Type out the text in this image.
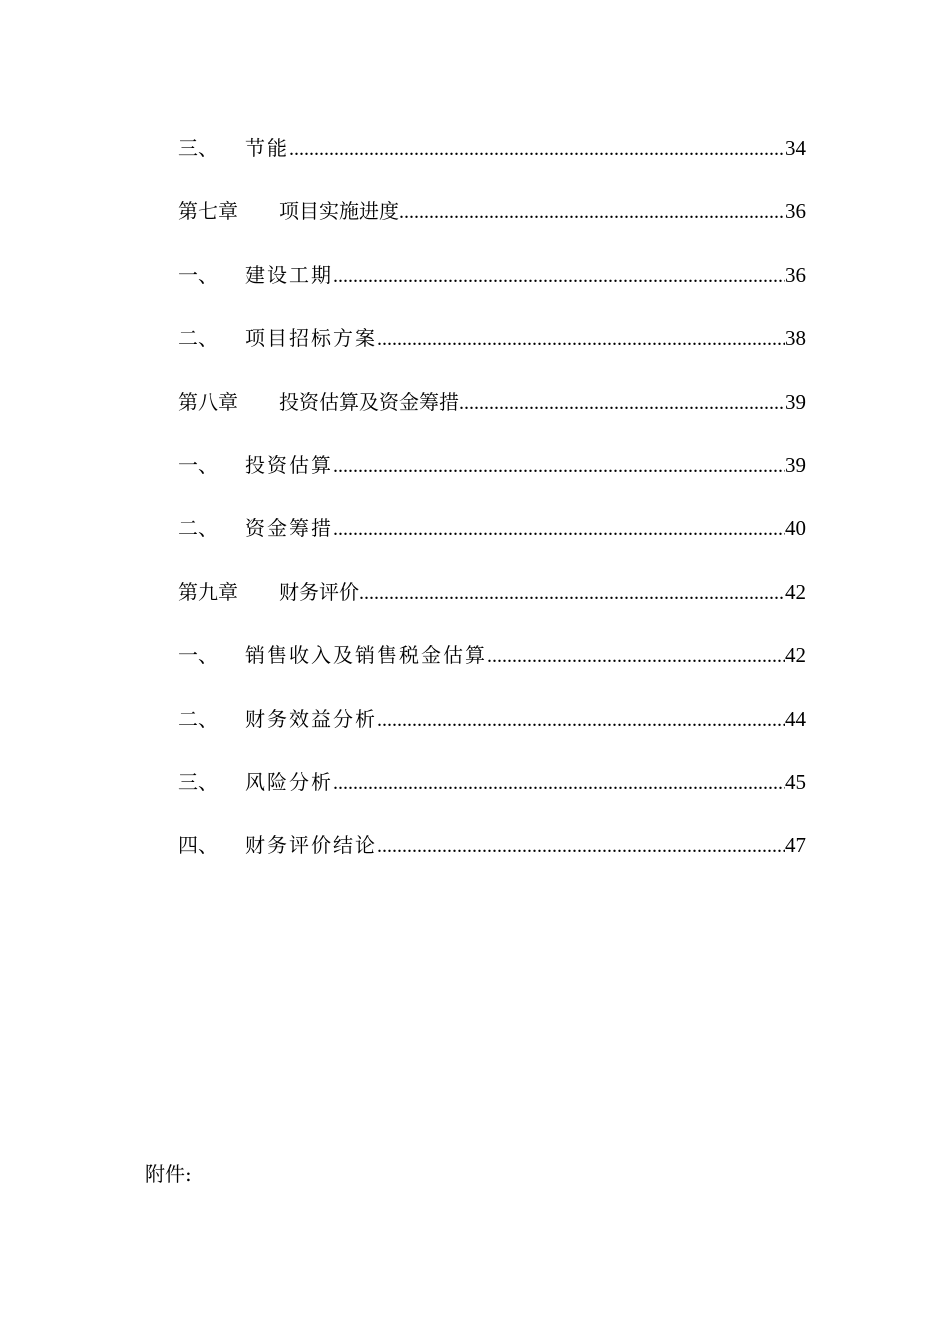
三、	节能 .....	34
第七章	项目实施进度 .....	36
一、	建设工期 .....	36
二、	项目招标方案 .....	38
第八章	投资估算及资金筹措 .....	39
一、	投资估算 .....	39
二、	资金筹措 .....	40
第九章	财务评价 .....	42
一、	销售收入及销售税金估算 .....	42
二、	财务效益分析 .....	44
三、	风险分析 .....	45
四、	财务评价结论 .....	47
附件:
